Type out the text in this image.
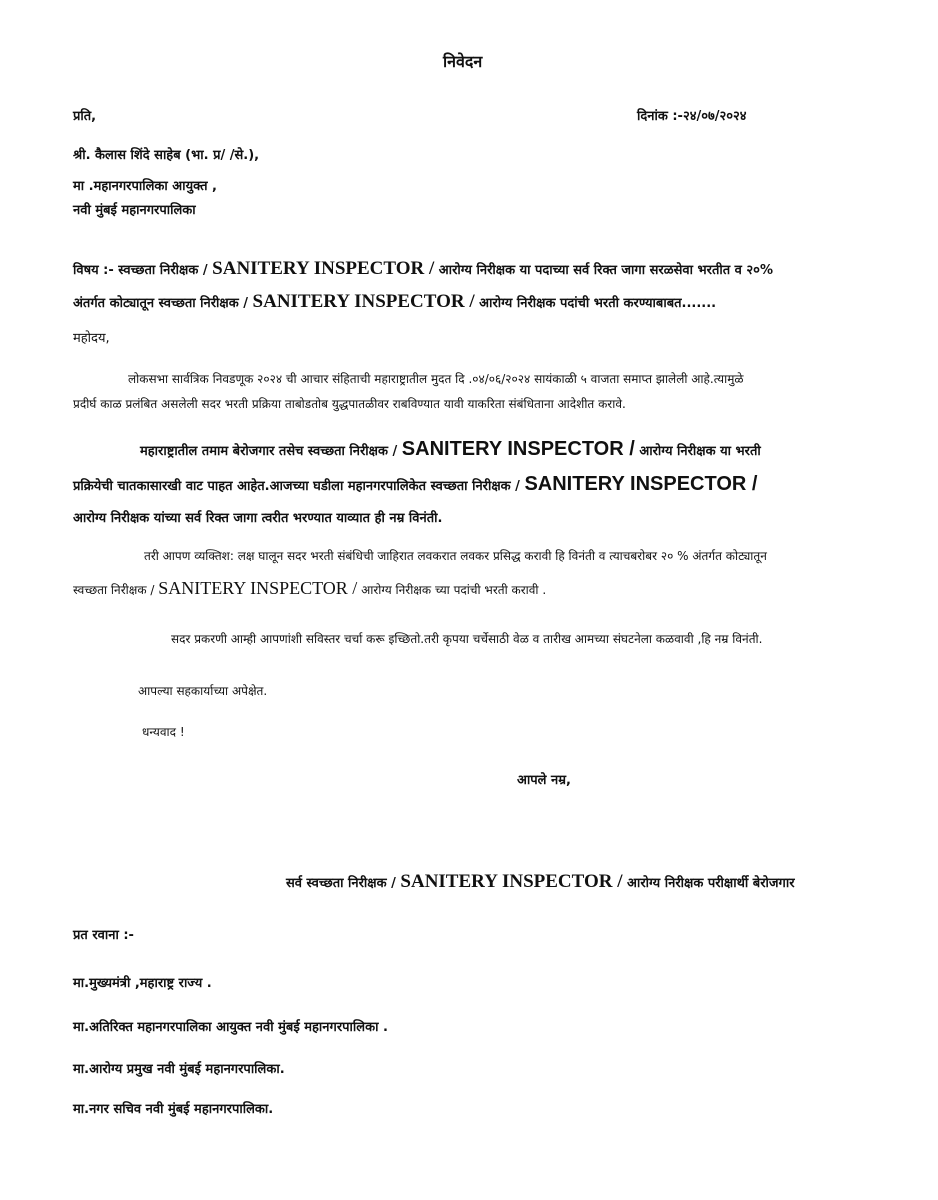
निवेदन
प्रति,	दिनांक :-२४/०७/२०२४
श्री. कैलास शिंदे साहेब (भा. प्र/ /से.),
मा .महानगरपालिका आयुक्त ,
नवी मुंबई महानगरपालिका
विषय :- स्वच्छता निरीक्षक / SANITERY INSPECTOR / आरोग्य निरीक्षक या पदाच्या सर्व रिक्त जागा सरळसेवा भरतीत व २०%
अंतर्गत कोट्यातून स्वच्छता निरीक्षक / SANITERY INSPECTOR / आरोग्य निरीक्षक पदांची भरती करण्याबाबत.......
महोदय,
लोकसभा सार्वत्रिक निवडणूक २०२४ ची आचार संहिताची महाराष्ट्रातील मुदत दि .०४/०६/२०२४ सायंकाळी ५ वाजता समाप्त झालेली आहे.त्यामुळे
प्रदीर्घ काळ प्रलंबित असलेली सदर भरती प्रक्रिया ताबोडतोब युद्धपातळीवर राबविण्यात यावी याकरिता संबंधिताना आदेशीत करावे.
महाराष्ट्रातील तमाम बेरोजगार तसेच स्वच्छता निरीक्षक / SANITERY INSPECTOR / आरोग्य निरीक्षक या भरती
प्रक्रियेची चातकासारखी वाट पाहत आहेत.आजच्या घडीला महानगरपालिकेत स्वच्छता निरीक्षक / SANITERY INSPECTOR /
आरोग्य निरीक्षक यांच्या सर्व रिक्त जागा त्वरीत भरण्यात याव्यात ही नम्र विनंती.
तरी आपण व्यक्तिश: लक्ष घालून सदर भरती संबंधिची जाहिरात लवकरात लवकर प्रसिद्ध करावी हि विनंती व त्याचबरोबर २० % अंतर्गत कोट्यातून
स्वच्छता निरीक्षक / SANITERY INSPECTOR / आरोग्य निरीक्षक च्या पदांची भरती करावी .
सदर प्रकरणी आम्ही आपणांशी सविस्तर चर्चा करू इच्छितो.तरी कृपया चर्चेसाठी वेळ व तारीख आमच्या संघटनेला कळवावी ,हि नम्र विनंती.
आपल्या सहकार्याच्या अपेक्षेत.
धन्यवाद !
आपले नम्र,
सर्व स्वच्छता निरीक्षक / SANITERY INSPECTOR / आरोग्य निरीक्षक परीक्षार्थी बेरोजगार
प्रत रवाना :-
मा.मुख्यमंत्री ,महाराष्ट्र राज्य .
मा.अतिरिक्त महानगरपालिका आयुक्त नवी मुंबई महानगरपालिका .
मा.आरोग्य प्रमुख नवी मुंबई महानगरपालिका.
मा.नगर सचिव नवी मुंबई महानगरपालिका.
